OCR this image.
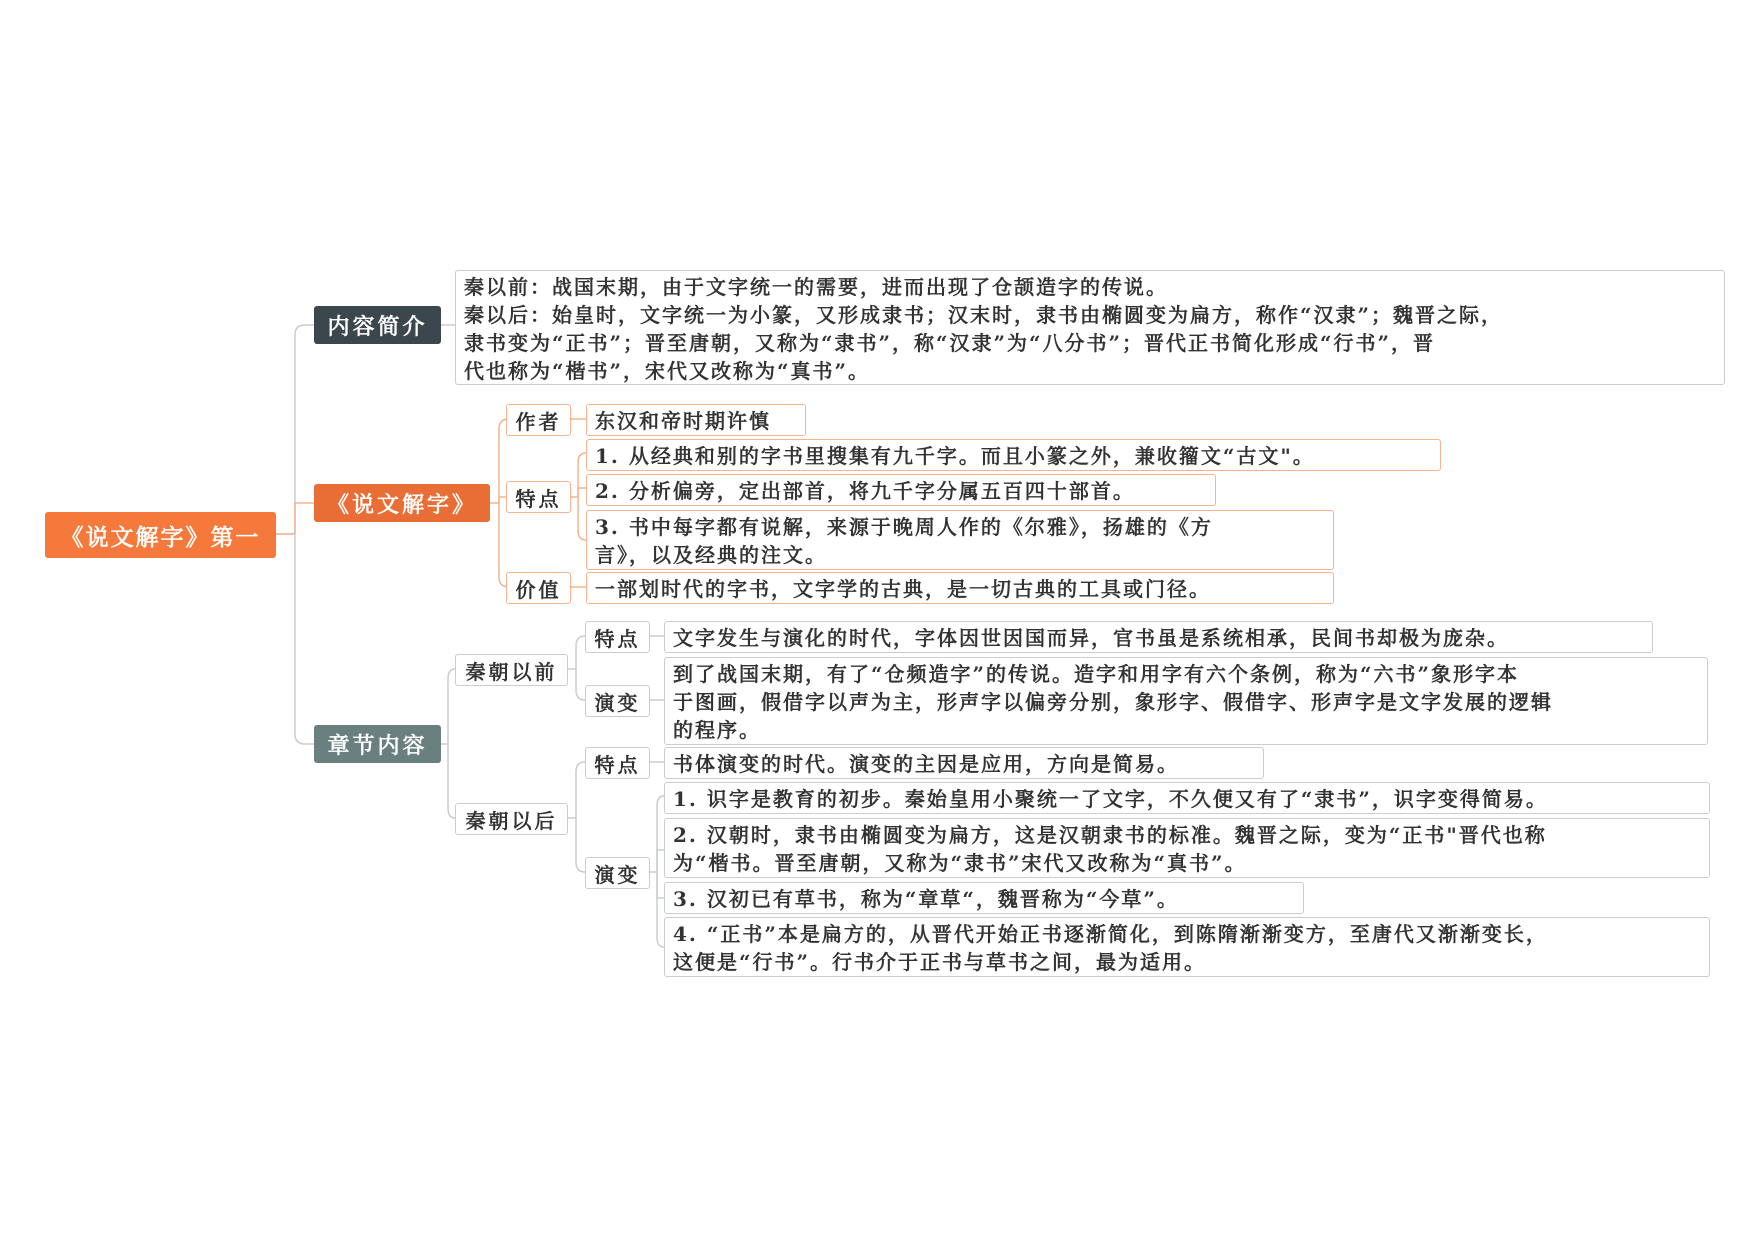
《说文解字》第一
内容简介
秦以前：战国末期，由于文字统一的需要，进而出现了仓颉造字的传说。
秦以后：始皇时，文字统一为小篆，又形成隶书；汉末时，隶书由椭圆变为扁方，称作“汉隶”；魏晋之际，
隶书变为“正书”；晋至唐朝，又称为“隶书”，称“汉隶”为“八分书”；晋代正书简化形成“行书”，晋
代也称为“楷书”，宋代又改称为“真书”。
《说文解字》
作者	东汉和帝时期许慎
特点
1. 从经典和别的字书里搜集有九千字。而且小篆之外，兼收籀文“古文"。
2. 分析偏旁，定出部首，将九千字分属五百四十部首。
3. 书中每字都有说解，来源于晚周人作的《尔雅》，扬雄的《方
言》，以及经典的注文。
价值	一部划时代的字书，文字学的古典，是一切古典的工具或门径。
章节内容
秦朝以前
特点	文字发生与演化的时代，字体因世因国而异，官书虽是系统相承，民间书却极为庞杂。
演变
到了战国末期，有了“仓频造字”的传说。造字和用字有六个条例，称为“六书”象形字本
于图画，假借字以声为主，形声字以偏旁分别，象形字、假借字、形声字是文字发展的逻辑
的程序。
秦朝以后
特点	书体演变的时代。演变的主因是应用，方向是简易。
演变
1. 识字是教育的初步。秦始皇用小聚统一了文字，不久便又有了“隶书”，识字变得简易。
2. 汉朝时，隶书由椭圆变为扁方，这是汉朝隶书的标准。魏晋之际，变为“正书"晋代也称
为“楷书。晋至唐朝，又称为“隶书”宋代又改称为“真书”。
3. 汉初已有草书，称为“章草“，魏晋称为“今草”。
4. “正书”本是扁方的，从晋代开始正书逐渐简化，到陈隋渐渐变方，至唐代又渐渐变长，
这便是“行书”。行书介于正书与草书之间，最为适用。
